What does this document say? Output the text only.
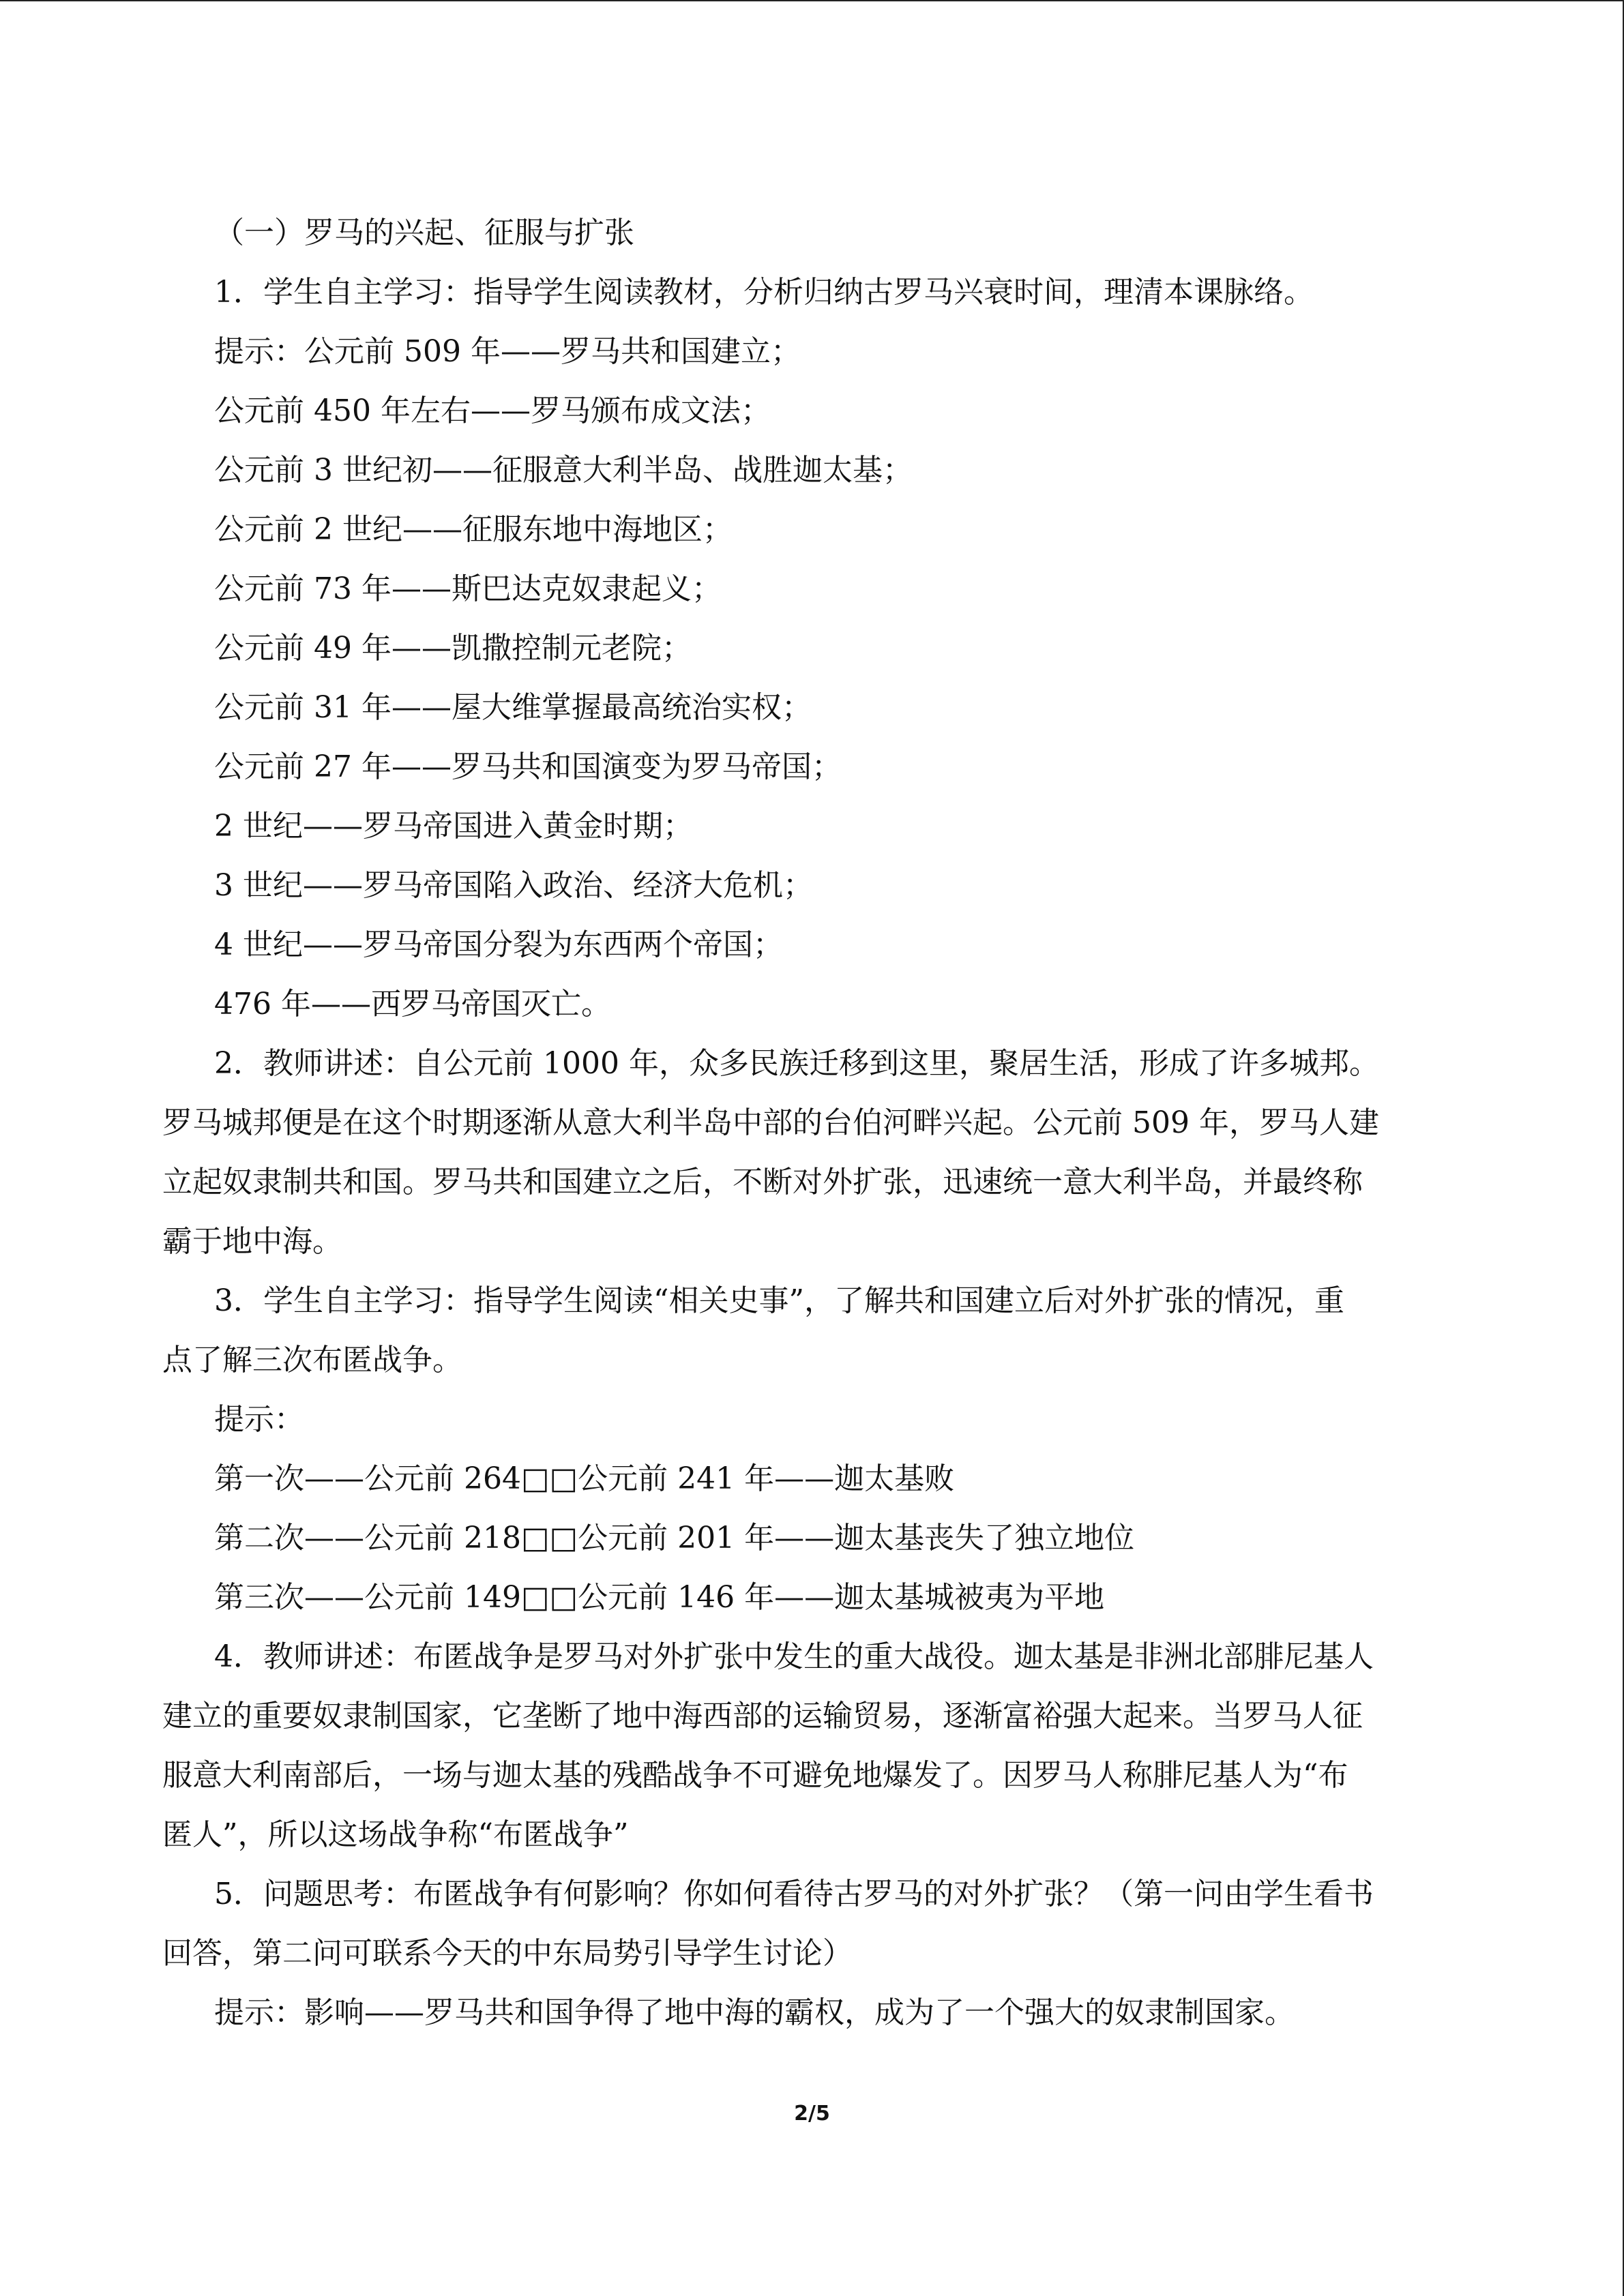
（一）罗马的兴起、征服与扩张
1．学生自主学习：指导学生阅读教材，分析归纳古罗马兴衰时间，理清本课脉络。
提示：公元前 509 年——罗马共和国建立；
公元前 450 年左右——罗马颁布成文法；
公元前 3 世纪初——征服意大利半岛、战胜迦太基；
公元前 2 世纪——征服东地中海地区；
公元前 73 年——斯巴达克奴隶起义；
公元前 49 年——凯撒控制元老院；
公元前 31 年——屋大维掌握最高统治实权；
公元前 27 年——罗马共和国演变为罗马帝国；
2 世纪——罗马帝国进入黄金时期；
3 世纪——罗马帝国陷入政治、经济大危机；
4 世纪——罗马帝国分裂为东西两个帝国；
476 年——西罗马帝国灭亡。
2．教师讲述：自公元前 1000 年，众多民族迁移到这里，聚居生活，形成了许多城邦。
罗马城邦便是在这个时期逐渐从意大利半岛中部的台伯河畔兴起。公元前 509 年，罗马人建
立起奴隶制共和国。罗马共和国建立之后，不断对外扩张，迅速统一意大利半岛，并最终称
霸于地中海。
3．学生自主学习：指导学生阅读“相关史事”，了解共和国建立后对外扩张的情况，重
点了解三次布匿战争。
提示：
第一次——公元前 264□□公元前 241 年——迦太基败
第二次——公元前 218□□公元前 201 年——迦太基丧失了独立地位
第三次——公元前 149□□公元前 146 年——迦太基城被夷为平地
4．教师讲述：布匿战争是罗马对外扩张中发生的重大战役。迦太基是非洲北部腓尼基人
建立的重要奴隶制国家，它垄断了地中海西部的运输贸易，逐渐富裕强大起来。当罗马人征
服意大利南部后，一场与迦太基的残酷战争不可避免地爆发了。因罗马人称腓尼基人为“布
匿人”，所以这场战争称“布匿战争”
5．问题思考：布匿战争有何影响？你如何看待古罗马的对外扩张？（第一问由学生看书
回答，第二问可联系今天的中东局势引导学生讨论）
提示：影响——罗马共和国争得了地中海的霸权，成为了一个强大的奴隶制国家。
2/5
